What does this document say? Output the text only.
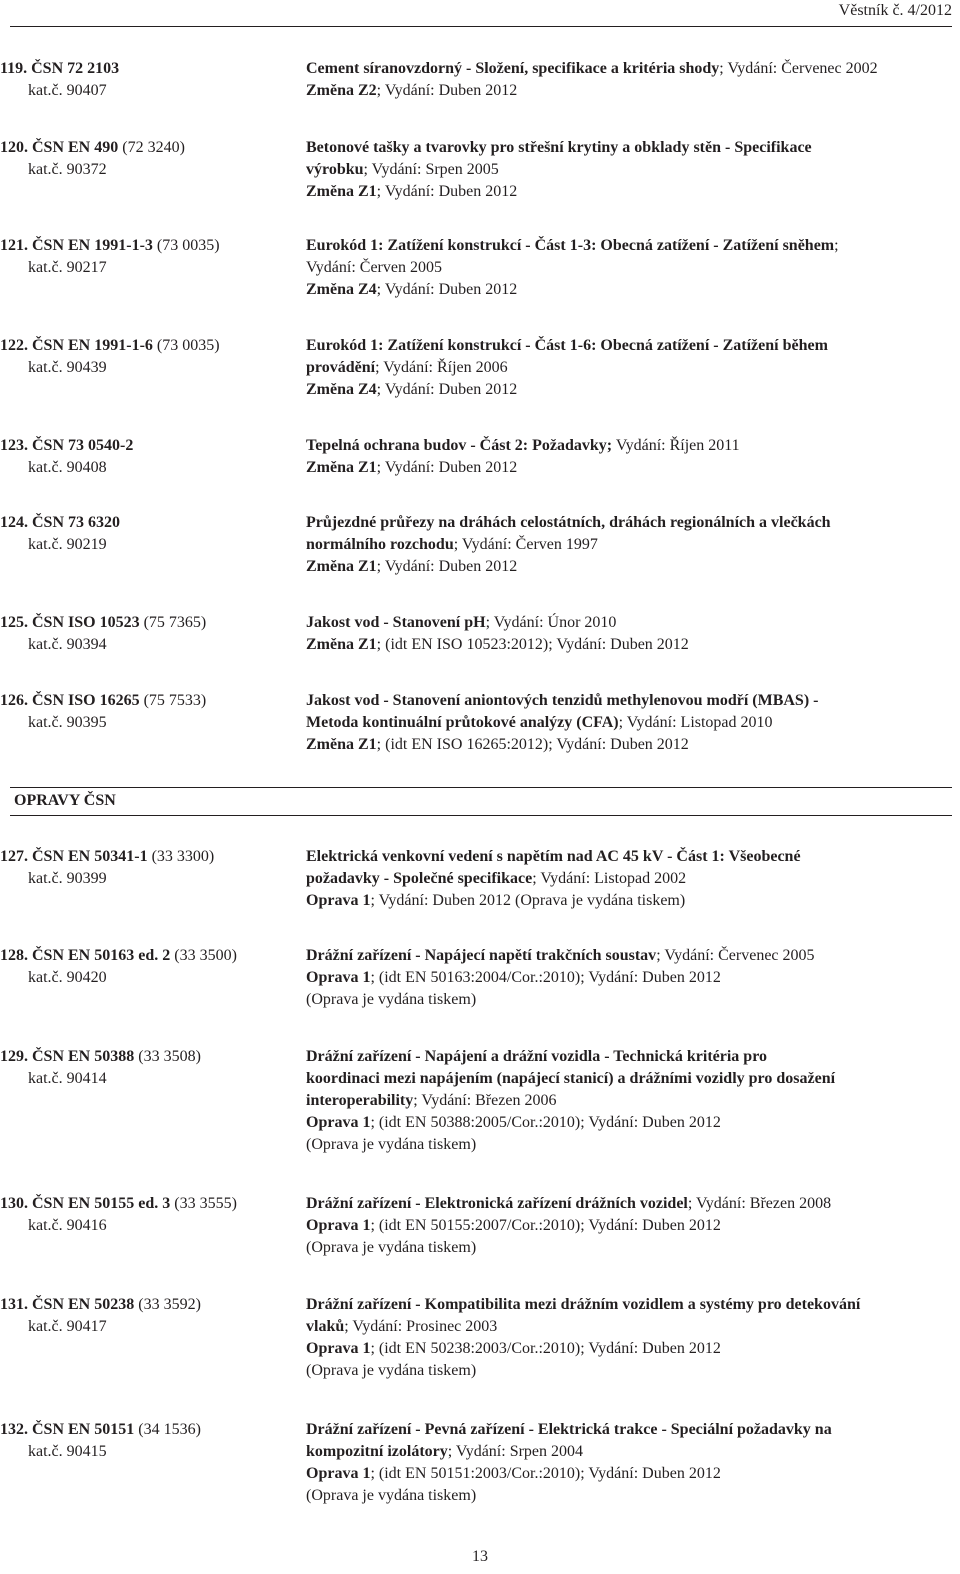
Věstník č. 4/2012
OPRAVY ČSN
119. ČSN 72 2103
kat.č. 90407
Cement síranovzdorný - Složení, specifikace a kritéria shody; Vydání: Červenec 2002
Změna Z2; Vydání: Duben 2012
120. ČSN EN 490 (72 3240)
kat.č. 90372
Betonové tašky a tvarovky pro střešní krytiny a obklady stěn - Specifikace
výrobku; Vydání: Srpen 2005
Změna Z1; Vydání: Duben 2012
121. ČSN EN 1991-1-3 (73 0035)
kat.č. 90217
Eurokód 1: Zatížení konstrukcí - Část 1-3: Obecná zatížení - Zatížení sněhem;
Vydání: Červen 2005
Změna Z4; Vydání: Duben 2012
122. ČSN EN 1991-1-6 (73 0035)
kat.č. 90439
Eurokód 1: Zatížení konstrukcí - Část 1-6: Obecná zatížení - Zatížení během
provádění; Vydání: Říjen 2006
Změna Z4; Vydání: Duben 2012
123. ČSN 73 0540-2
kat.č. 90408
Tepelná ochrana budov - Část 2: Požadavky; Vydání: Říjen 2011
Změna Z1; Vydání: Duben 2012
124. ČSN 73 6320
kat.č. 90219
Průjezdné průřezy na dráhách celostátních, dráhách regionálních a vlečkách
normálního rozchodu; Vydání: Červen 1997
Změna Z1; Vydání: Duben 2012
125. ČSN ISO 10523 (75 7365)
kat.č. 90394
Jakost vod - Stanovení pH; Vydání: Únor 2010
Změna Z1; (idt EN ISO 10523:2012); Vydání: Duben 2012
126. ČSN ISO 16265 (75 7533)
kat.č. 90395
Jakost vod - Stanovení aniontových tenzidů methylenovou modří (MBAS) -
Metoda kontinuální průtokové analýzy (CFA); Vydání: Listopad 2010
Změna Z1; (idt EN ISO 16265:2012); Vydání: Duben 2012
127. ČSN EN 50341-1 (33 3300)
kat.č. 90399
Elektrická venkovní vedení s napětím nad AC 45 kV - Část 1: Všeobecné
požadavky - Společné specifikace; Vydání: Listopad 2002
Oprava 1; Vydání: Duben 2012 (Oprava je vydána tiskem)
128. ČSN EN 50163 ed. 2 (33 3500)
kat.č. 90420
Drážní zařízení - Napájecí napětí trakčních soustav; Vydání: Červenec 2005
Oprava 1; (idt EN 50163:2004/Cor.:2010); Vydání: Duben 2012
(Oprava je vydána tiskem)
129. ČSN EN 50388 (33 3508)
kat.č. 90414
Drážní zařízení - Napájení a drážní vozidla - Technická kritéria pro
koordinaci mezi napájením (napájecí stanicí) a drážními vozidly pro dosažení
interoperability; Vydání: Březen 2006
Oprava 1; (idt EN 50388:2005/Cor.:2010); Vydání: Duben 2012
(Oprava je vydána tiskem)
130. ČSN EN 50155 ed. 3 (33 3555)
kat.č. 90416
Drážní zařízení - Elektronická zařízení drážních vozidel; Vydání: Březen 2008
Oprava 1; (idt EN 50155:2007/Cor.:2010); Vydání: Duben 2012
(Oprava je vydána tiskem)
131. ČSN EN 50238 (33 3592)
kat.č. 90417
Drážní zařízení - Kompatibilita mezi drážním vozidlem a systémy pro detekování
vlaků; Vydání: Prosinec 2003
Oprava 1; (idt EN 50238:2003/Cor.:2010); Vydání: Duben 2012
(Oprava je vydána tiskem)
132. ČSN EN 50151 (34 1536)
kat.č. 90415
Drážní zařízení - Pevná zařízení - Elektrická trakce - Speciální požadavky na
kompozitní izolátory; Vydání: Srpen 2004
Oprava 1; (idt EN 50151:2003/Cor.:2010); Vydání: Duben 2012
(Oprava je vydána tiskem)
13
